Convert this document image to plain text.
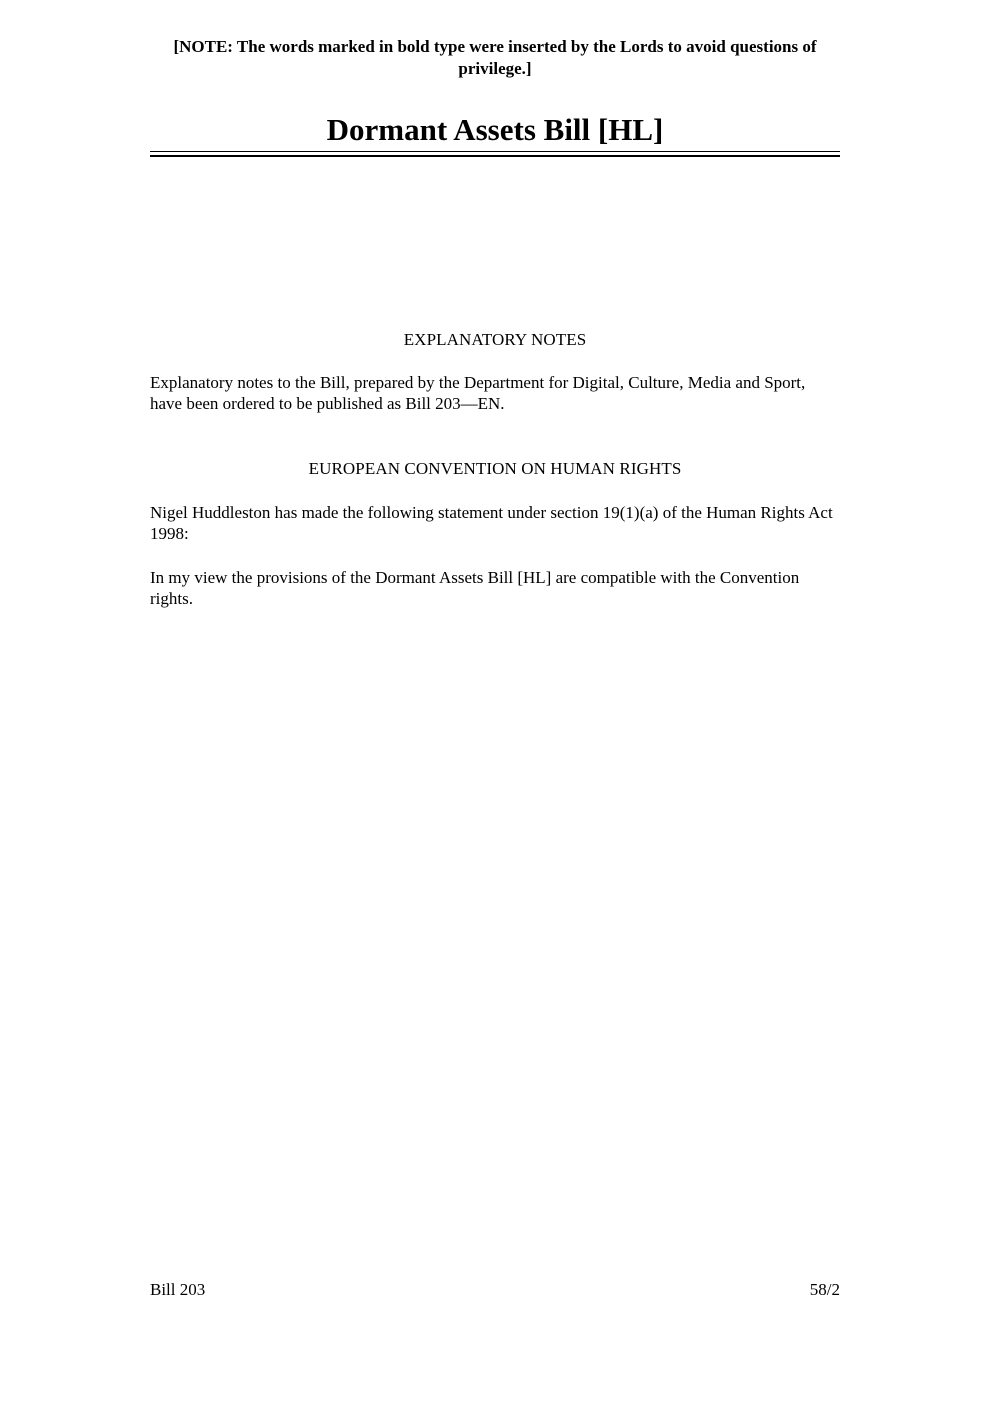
[NOTE: The words marked in bold type were inserted by the Lords to avoid questions of privilege.]
Dormant Assets Bill [HL]
EXPLANATORY NOTES
Explanatory notes to the Bill, prepared by the Department for Digital, Culture, Media and Sport, have been ordered to be published as Bill 203—EN.
EUROPEAN CONVENTION ON HUMAN RIGHTS
Nigel Huddleston has made the following statement under section 19(1)(a) of the Human Rights Act 1998:
In my view the provisions of the Dormant Assets Bill [HL] are compatible with the Convention rights.
Bill 203	58/2
